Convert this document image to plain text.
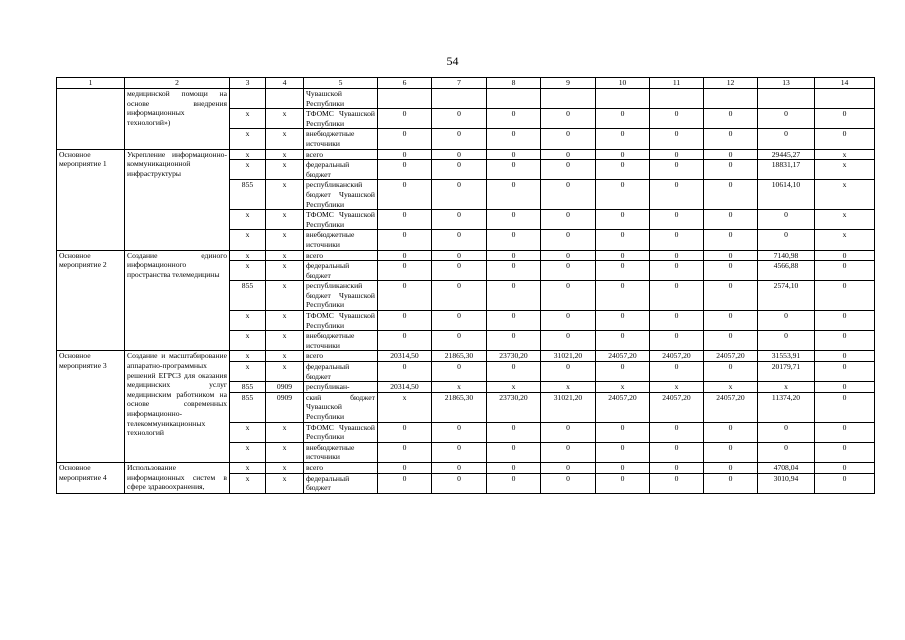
54
1	2	3	4	5	6	7	8	9	10	11	12	13	14
	медицинской помощи на основе внедрения информационных технологий»)			Чувашской Республики									
		х	х	ТФОМС Чувашской Республики	0	0	0	0	0	0	0	0	0
		х	х	внебюджетные источники	0	0	0	0	0	0	0	0	0
Основное мероприятие 1	Укрепление информационно-коммуникационной инфраструктуры	х	х	всего	0	0	0	0	0	0	0	29445,27	х
		х	х	федеральный бюджет	0	0	0	0	0	0	0	18831,17	х
		855	х	республиканский бюджет Чувашской Республики	0	0	0	0	0	0	0	10614,10	х
		х	х	ТФОМС Чувашской Республики	0	0	0	0	0	0	0	0	х
		х	х	внебюджетные источники	0	0	0	0	0	0	0	0	х
Основное мероприятие 2	Создание единого информационного пространства телемедицины	х	х	всего	0	0	0	0	0	0	0	7140,98	0
		х	х	федеральный бюджет	0	0	0	0	0	0	0	4566,88	0
		855	х	республиканский бюджет Чувашской Республики	0	0	0	0	0	0	0	2574,10	0
		х	х	ТФОМС Чувашской Республики	0	0	0	0	0	0	0	0	0
		х	х	внебюджетные источники	0	0	0	0	0	0	0	0	0
Основное мероприятие 3	Создание и масштабирование аппаратно-программных решений ЕГРСЗ для оказания медицинских услуг медицинским работником на основе современных информационно-телекоммуникационных технологий	х	х	всего	20314,50	21865,30	23730,20	31021,20	24057,20	24057,20	24057,20	31553,91	0
		х	х	федеральный бюджет	0	0	0	0	0	0	0	20179,71	0
		855	0909	республикан-	20314,50	х	х	х	х	х	х	х	0
		855	0909	ский бюджет Чувашской Республики	х	21865,30	23730,20	31021,20	24057,20	24057,20	24057,20	11374,20	0
		х	х	ТФОМС Чувашской Республики	0	0	0	0	0	0	0	0	0
		х	х	внебюджетные источники	0	0	0	0	0	0	0	0	0
Основное мероприятие 4	Использование информационных систем в сфере здравоохранения,	х	х	всего	0	0	0	0	0	0	0	4708,04	0
		х	х	федеральный бюджет	0	0	0	0	0	0	0	3010,94	0
